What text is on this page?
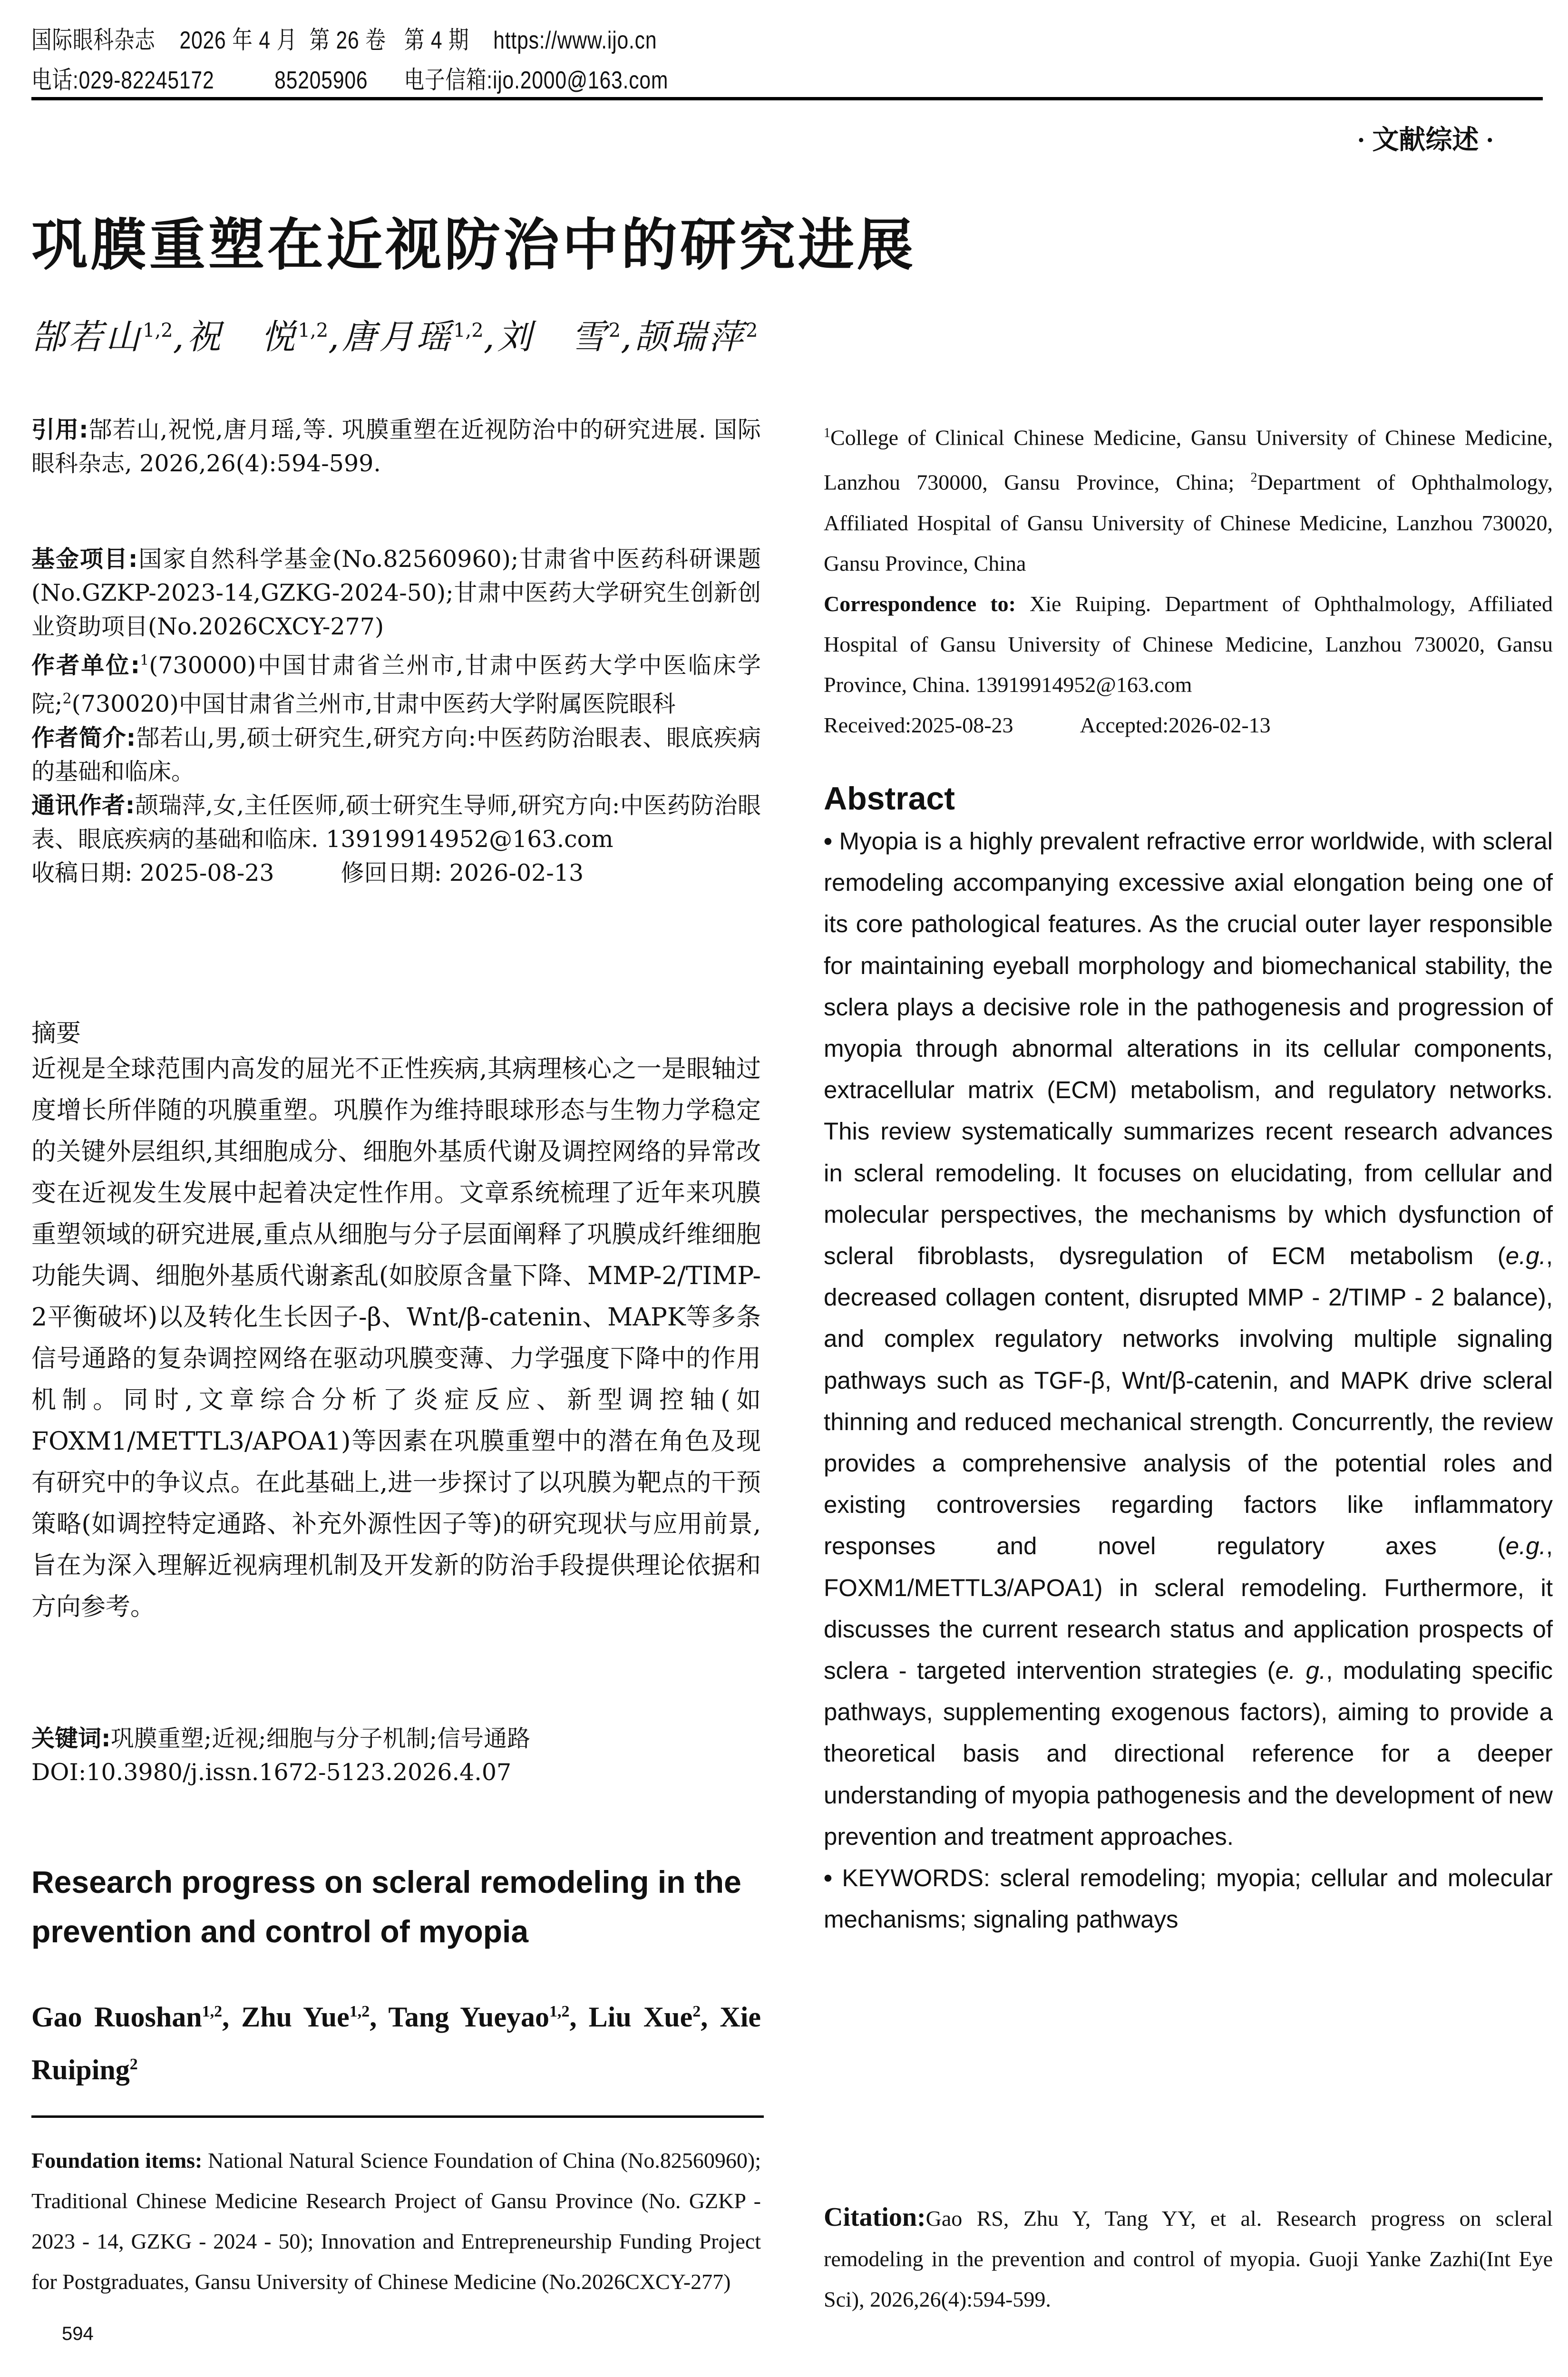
国际眼科杂志 2026 年 4 月 第 26 卷 第 4 期 https://www.ijo.cn
电话:029-82245172 85205906 电子信箱:ijo.2000@163.com
· 文献综述 ·
巩膜重塑在近视防治中的研究进展
郜若山$^{1,2}$,祝　悦$^{1,2}$,唐月瑶$^{1,2}$,刘　雪$^2$,颉瑞萍$^2$
引用:郜若山,祝悦,唐月瑶,等. 巩膜重塑在近视防治中的研究进展. 国际眼科杂志, 2026,26(4):594-599.
基金项目:国家自然科学基金(No.82560960);甘肃省中医药科研课题(No.GZKP-2023-14,GZKG-2024-50);甘肃中医药大学研究生创新创业资助项目(No.2026CXCY-277)
作者单位:$^1$(730000)中国甘肃省兰州市,甘肃中医药大学中医临床学院;$^2$(730020)中国甘肃省兰州市,甘肃中医药大学附属医院眼科
作者简介:郜若山,男,硕士研究生,研究方向:中医药防治眼表、眼底疾病的基础和临床。
通讯作者:颉瑞萍,女,主任医师,硕士研究生导师,研究方向:中医药防治眼表、眼底疾病的基础和临床. 13919914952@163.com
收稿日期: 2025-08-23	修回日期: 2026-02-13
摘要
近视是全球范围内高发的屈光不正性疾病,其病理核心之一是眼轴过度增长所伴随的巩膜重塑。巩膜作为维持眼球形态与生物力学稳定的关键外层组织,其细胞成分、细胞外基质代谢及调控网络的异常改变在近视发生发展中起着决定性作用。文章系统梳理了近年来巩膜重塑领域的研究进展,重点从细胞与分子层面阐释了巩膜成纤维细胞功能失调、细胞外基质代谢紊乱(如胶原含量下降、MMP-2/TIMP-2平衡破坏)以及转化生长因子-β、Wnt/β-catenin、MAPK等多条信号通路的复杂调控网络在驱动巩膜变薄、力学强度下降中的作用机制。同时,文章综合分析了炎症反应、新型调控轴(如FOXM1/METTL3/APOA1)等因素在巩膜重塑中的潜在角色及现有研究中的争议点。在此基础上,进一步探讨了以巩膜为靶点的干预策略(如调控特定通路、补充外源性因子等)的研究现状与应用前景,旨在为深入理解近视病理机制及开发新的防治手段提供理论依据和方向参考。
关键词:巩膜重塑;近视;细胞与分子机制;信号通路
DOI:10.3980/j.issn.1672-5123.2026.4.07
Research progress on scleral remodeling in the prevention and control of myopia
Gao Ruoshan$^{1,2}$, Zhu Yue$^{1,2}$, Tang Yueyao$^{1,2}$, Liu Xue$^2$, Xie Ruiping$^2$
Foundation items: National Natural Science Foundation of China (No.82560960); Traditional Chinese Medicine Research Project of Gansu Province (No. GZKP - 2023 - 14, GZKG - 2024 - 50); Innovation and Entrepreneurship Funding Project for Postgraduates, Gansu University of Chinese Medicine (No.2026CXCY-277)
594
$^1$College of Clinical Chinese Medicine, Gansu University of Chinese Medicine, Lanzhou 730000, Gansu Province, China; $^2$Department of Ophthalmology, Affiliated Hospital of Gansu University of Chinese Medicine, Lanzhou 730020, Gansu Province, China
Correspondence to: Xie Ruiping. Department of Ophthalmology, Affiliated Hospital of Gansu University of Chinese Medicine, Lanzhou 730020, Gansu Province, China. 13919914952@163.com
Received:2025-08-23	Accepted:2026-02-13
Abstract
• Myopia is a highly prevalent refractive error worldwide, with scleral remodeling accompanying excessive axial elongation being one of its core pathological features. As the crucial outer layer responsible for maintaining eyeball morphology and biomechanical stability, the sclera plays a decisive role in the pathogenesis and progression of myopia through abnormal alterations in its cellular components, extracellular matrix (ECM) metabolism, and regulatory networks. This review systematically summarizes recent research advances in scleral remodeling. It focuses on elucidating, from cellular and molecular perspectives, the mechanisms by which dysfunction of scleral fibroblasts, dysregulation of ECM metabolism (e.g., decreased collagen content, disrupted MMP - 2/TIMP - 2 balance), and complex regulatory networks involving multiple signaling pathways such as TGF-β, Wnt/β-catenin, and MAPK drive scleral thinning and reduced mechanical strength. Concurrently, the review provides a comprehensive analysis of the potential roles and existing controversies regarding factors like inflammatory responses and novel regulatory axes (e.g., FOXM1/METTL3/APOA1) in scleral remodeling. Furthermore, it discusses the current research status and application prospects of sclera - targeted intervention strategies (e. g., modulating specific pathways, supplementing exogenous factors), aiming to provide a theoretical basis and directional reference for a deeper understanding of myopia pathogenesis and the development of new prevention and treatment approaches.
• KEYWORDS: scleral remodeling; myopia; cellular and molecular mechanisms; signaling pathways
Citation:Gao RS, Zhu Y, Tang YY, et al. Research progress on scleral remodeling in the prevention and control of myopia. Guoji Yanke Zazhi(Int Eye Sci), 2026,26(4):594-599.
